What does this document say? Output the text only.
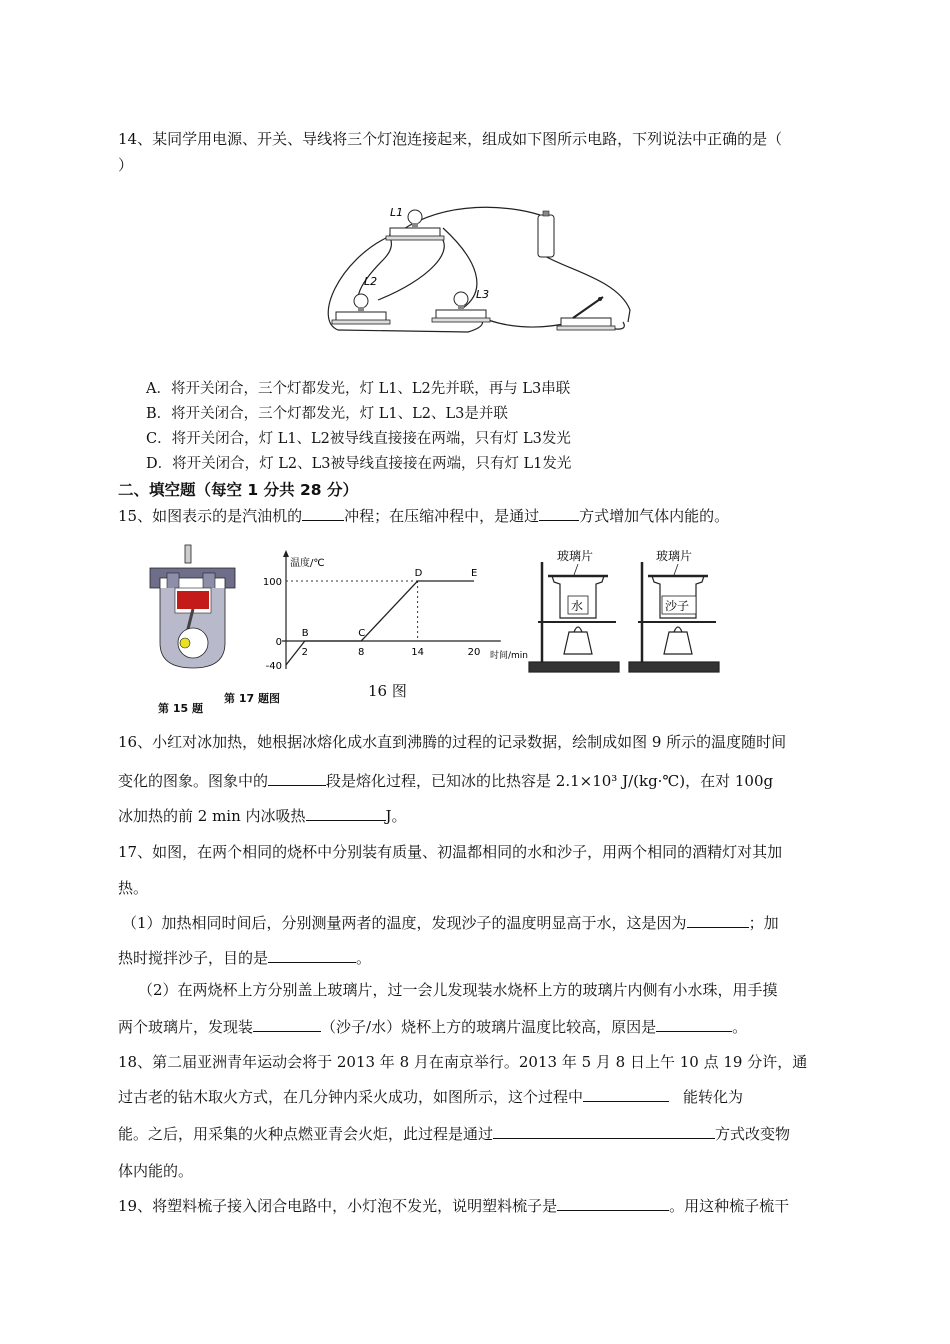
14、某同学用电源、开关、导线将三个灯泡连接起来，组成如下图所示电路，下列说法中正确的是（
）
L1
L2
L3
A．将开关闭合，三个灯都发光，灯 L1、L2先并联，再与 L3串联
B．将开关闭合，三个灯都发光，灯 L1、L2、L3是并联
C．将开关闭合，灯 L1、L2被导线直接接在两端，只有灯 L3发光
D．将开关闭合，灯 L2、L3被导线直接接在两端，只有灯 L1发光
二、填空题（每空 1 分共 28 分）
15、如图表示的是汽油机的	冲程；在压缩冲程中，是通过	方式增加气体内能的。
第 15 题
温度/℃
时间/min
100
0
-40
2	8	14	20
B	C
D	E
第 17 题图	16 图
玻璃片	玻璃片
水	沙子
16、小红对冰加热，她根据冰熔化成水直到沸腾的过程的记录数据，绘制成如图 9 所示的温度随时间
变化的图象。图象中的	段是熔化过程，已知冰的比热容是 2.1×10³ J/(kg·℃)，在对 100g
冰加热的前 2 min 内冰吸热	J。
17、如图，在两个相同的烧杯中分别装有质量、初温都相同的水和沙子，用两个相同的酒精灯对其加
热。
（1）加热相同时间后，分别测量两者的温度，发现沙子的温度明显高于水，这是因为	；加
热时搅拌沙子，目的是	。
（2）在两烧杯上方分别盖上玻璃片，过一会儿发现装水烧杯上方的玻璃片内侧有小水珠，用手摸
两个玻璃片，发现装	（沙子/水）烧杯上方的玻璃片温度比较高，原因是	。
18、第二届亚洲青年运动会将于 2013 年 8 月在南京举行。2013 年 5 月 8 日上午 10 点 19 分许，通
过古老的钻木取火方式，在几分钟内采火成功，如图所示，这个过程中	能转化为
能。之后，用采集的火种点燃亚青会火炬，此过程是通过	方式改变物
体内能的。
19、将塑料梳子接入闭合电路中，小灯泡不发光，说明塑料梳子是	。用这种梳子梳干
